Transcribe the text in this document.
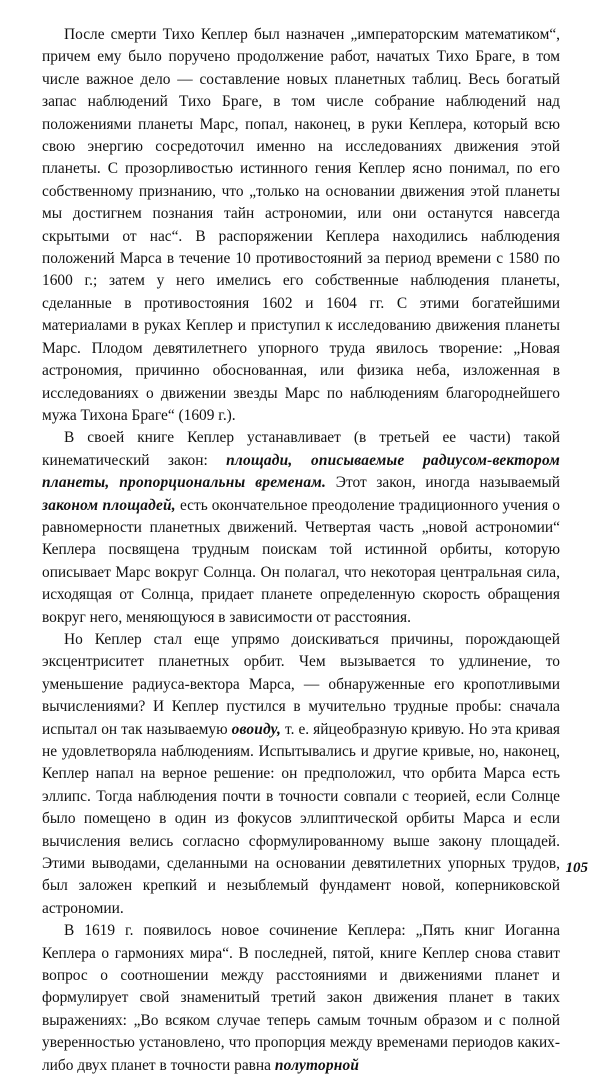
После смерти Тихо Кеплер был назначен „императорским математиком“, причем ему было поручено продолжение работ, начатых Тихо Браге, в том числе важное дело — составление новых планетных таблиц. Весь богатый запас наблюдений Тихо Браге, в том числе собрание наблюдений над положениями планеты Марс, попал, наконец, в руки Кеплера, который всю свою энергию сосредоточил именно на исследованиях движения этой планеты. С прозорливостью истинного гения Кеплер ясно понимал, по его собственному признанию, что „только на основании движения этой планеты мы достигнем познания тайн астрономии, или они останутся навсегда скрытыми от нас“. В распоряжении Кеплера находились наблюдения положений Марса в течение 10 противостояний за период времени с 1580 по 1600 г.; затем у него имелись его собственные наблюдения планеты, сделанные в противостояния 1602 и 1604 гг. С этими богатейшими материалами в руках Кеплер и приступил к исследованию движения планеты Марс. Плодом девятилетнего упорного труда явилось творение: „Новая астрономия, причинно обоснованная, или физика неба, изложенная в исследованиях о движении звезды Марс по наблюдениям благороднейшего мужа Тихона Браге“ (1609 г.).

В своей книге Кеплер устанавливает (в третьей ее части) такой кинематический закон: площади, описываемые радиусом-вектором планеты, пропорциональны временам. Этот закон, иногда называемый законом площадей, есть окончательное преодоление традиционного учения о равномерности планетных движений. Четвертая часть „новой астрономии“ Кеплера посвящена трудным поискам той истинной орбиты, которую описывает Марс вокруг Солнца. Он полагал, что некоторая центральная сила, исходящая от Солнца, придает планете определенную скорость обращения вокруг него, меняющуюся в зависимости от расстояния.

Но Кеплер стал еще упрямо доискиваться причины, порождающей эксцентриситет планетных орбит. Чем вызывается то удлинение, то уменьшение радиуса-вектора Марса, — обнаруженные его кропотливыми вычислениями? И Кеплер пустился в мучительно трудные пробы: сначала испытал он так называемую овоиду, т. е. яйцеобразную кривую. Но эта кривая не удовлетворяла наблюдениям. Испытывались и другие кривые, но, наконец, Кеплер напал на верное решение: он предположил, что орбита Марса есть эллипс. Тогда наблюдения почти в точности совпали с теорией, если Солнце было помещено в один из фокусов эллиптической орбиты Марса и если вычисления велись согласно сформулированному выше закону площадей. Этими выводами, сделанными на основании девятилетних упорных трудов, был заложен крепкий и незыблемый фундамент новой, коперниковской астрономии.

В 1619 г. появилось новое сочинение Кеплера: „Пять книг Иоганна Кеплера о гармониях мира“. В последней, пятой, книге Кеплер снова ставит вопрос о соотношении между расстояниями и движениями планет и формулирует свой знаменитый третий закон движения планет в таких выражениях: „Во всяком случае теперь самым точным образом и с полной уверенностью установлено, что пропорция между временами периодов каких-либо двух планет в точности равна полуторной

105
